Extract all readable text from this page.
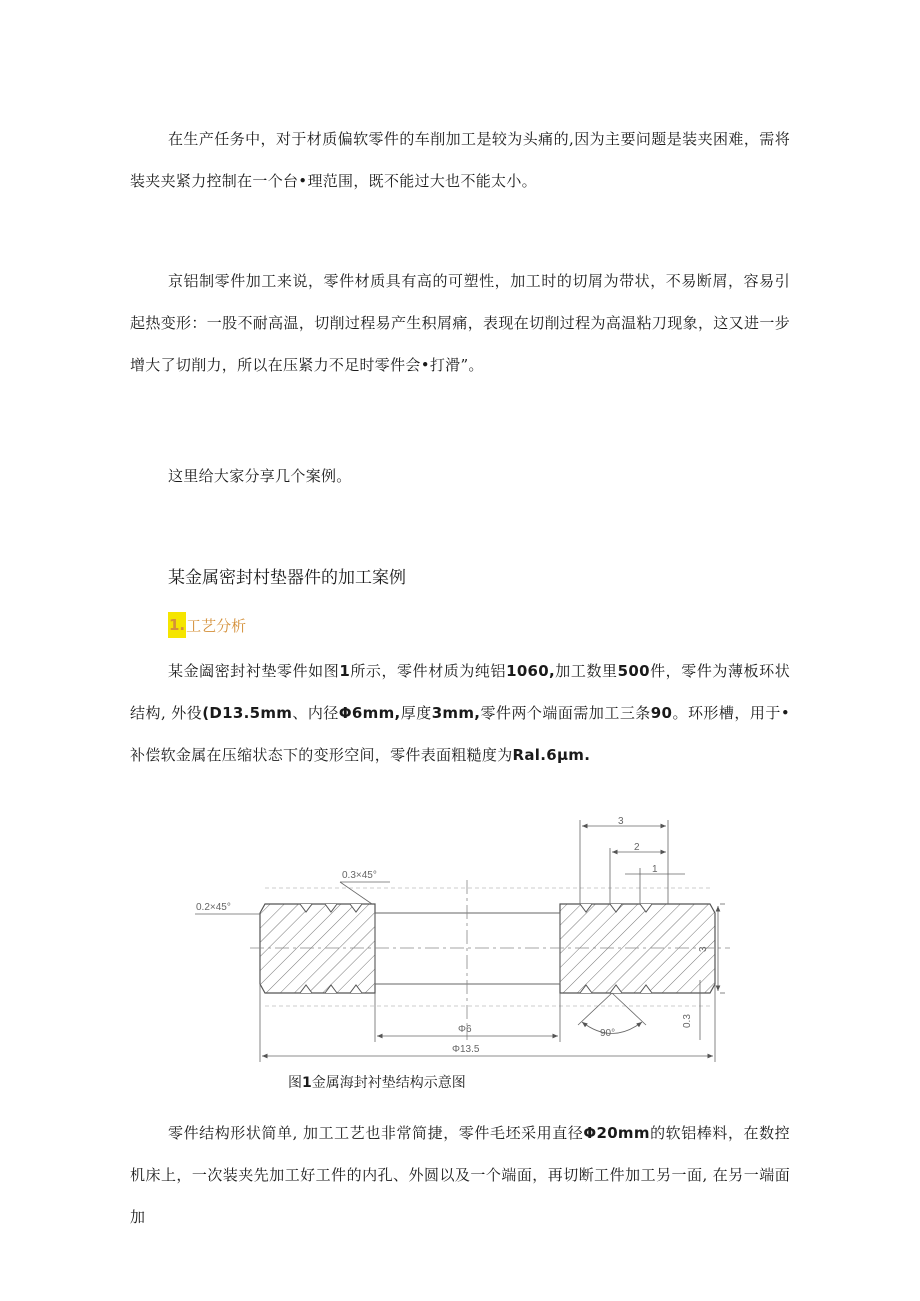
在生产任务中，对于材质偏软零件的车削加工是较为头痛的,因为主要问题是装夹困难，需将装夹夹紧力控制在一个台•理范围，既不能过大也不能太小。

京铝制零件加工来说，零件材质具有高的可塑性，加工时的切屑为带状，不易断屑，容易引起热变形：一股不耐高温，切削过程易产生积屑痛，表现在切削过程为高温粘刀现象，这又进一步增大了切削力，所以在压紧力不足时零件会•打滑”。

这里给大家分享几个案例。

某金属密封村垫器件的加工案例

1. 工艺分析

某金阖密封衬垫零件如图1所示，零件材质为纯铝1060,加工数里500件，零件为薄板环状结构, 外役(D13.5mm、内径Φ6mm,厚度3mm,零件两个端面需加工三条90。环形槽，用于•补偿软金属在压缩状态下的变形空间，零件表面粗糙度为Ral.6μm.

0.2×45°
0.3×45°
3
2
1
3
0.3
90°
Φ6
Φ13.5

图1金属海封衬垫结构示意图

零件结构形状简单, 加工工艺也非常简捷，零件毛坯采用直径Φ20mm的软铝棒料，在数控机床上，一次装夹先加工好工件的内孔、外圆以及一个端面，再切断工件加工另一面, 在另一端面加
